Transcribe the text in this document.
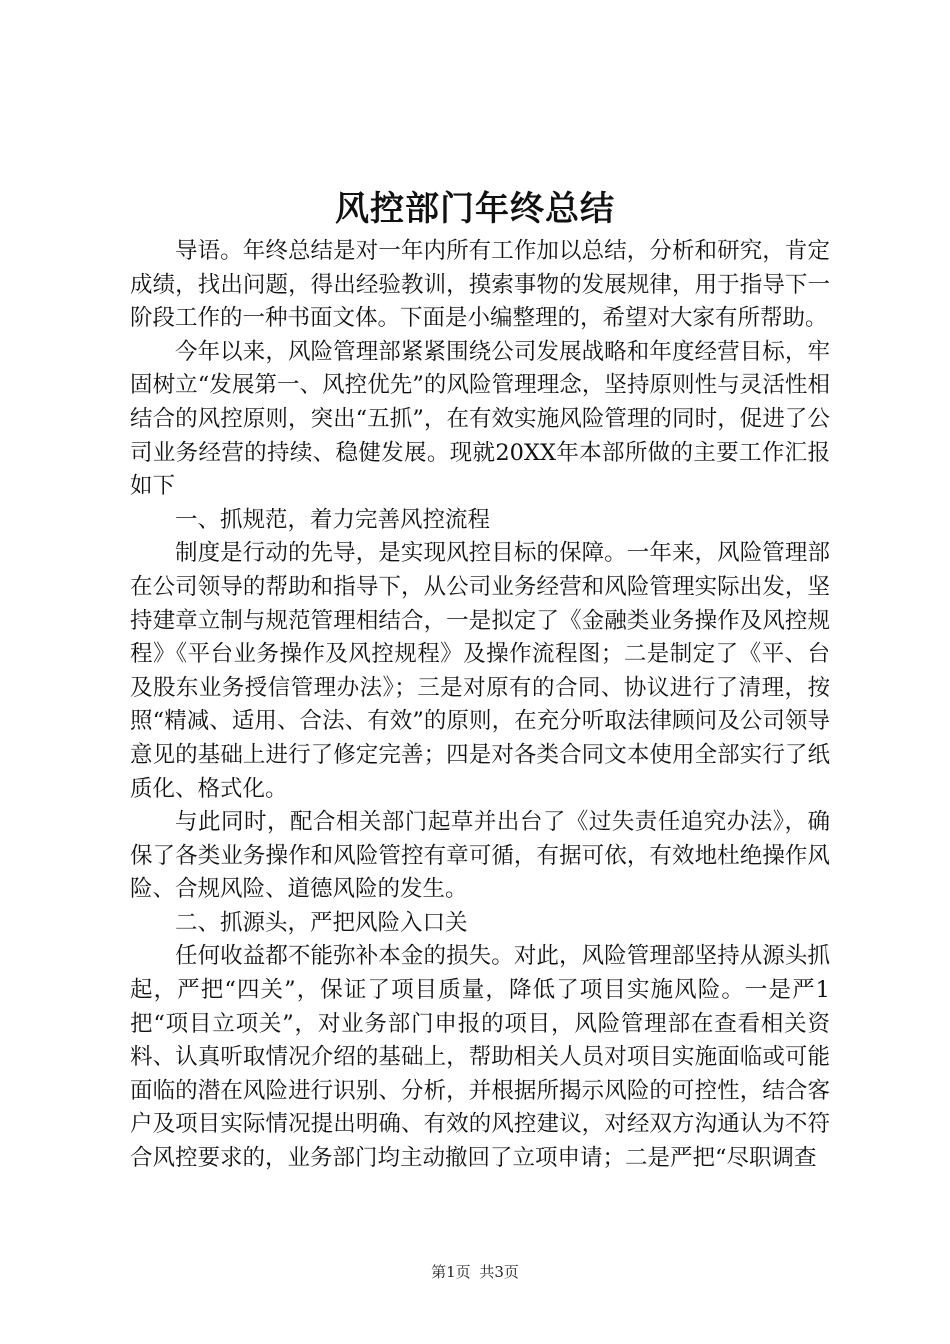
风控部门年终总结

导语。年终总结是对一年内所有工作加以总结，分析和研究，肯定成绩，找出问题，得出经验教训，摸索事物的发展规律，用于指导下一阶段工作的一种书面文体。下面是小编整理的，希望对大家有所帮助。

今年以来，风险管理部紧紧围绕公司发展战略和年度经营目标，牢固树立“发展第一、风控优先”的风险管理理念，坚持原则性与灵活性相结合的风控原则，突出“五抓”，在有效实施风险管理的同时，促进了公司业务经营的持续、稳健发展。现就20XX年本部所做的主要工作汇报如下

一、抓规范，着力完善风控流程

制度是行动的先导，是实现风控目标的保障。一年来，风险管理部在公司领导的帮助和指导下，从公司业务经营和风险管理实际出发，坚持建章立制与规范管理相结合，一是拟定了《金融类业务操作及风控规程》《平台业务操作及风控规程》及操作流程图；二是制定了《平、台及股东业务授信管理办法》；三是对原有的合同、协议进行了清理，按照“精减、适用、合法、有效”的原则，在充分听取法律顾问及公司领导意见的基础上进行了修定完善；四是对各类合同文本使用全部实行了纸质化、格式化。

与此同时，配合相关部门起草并出台了《过失责任追究办法》，确保了各类业务操作和风险管控有章可循，有据可依，有效地杜绝操作风险、合规风险、道德风险的发生。

二、抓源头，严把风险入口关

任何收益都不能弥补本金的损失。对此，风险管理部坚持从源头抓起，严把“四关”，保证了项目质量，降低了项目实施风险。一是严1把“项目立项关”，对业务部门申报的项目，风险管理部在查看相关资料、认真听取情况介绍的基础上，帮助相关人员对项目实施面临或可能面临的潜在风险进行识别、分析，并根据所揭示风险的可控性，结合客户及项目实际情况提出明确、有效的风控建议，对经双方沟通认为不符合风控要求的，业务部门均主动撤回了立项申请；二是严把“尽职调查

第1页 共3页
